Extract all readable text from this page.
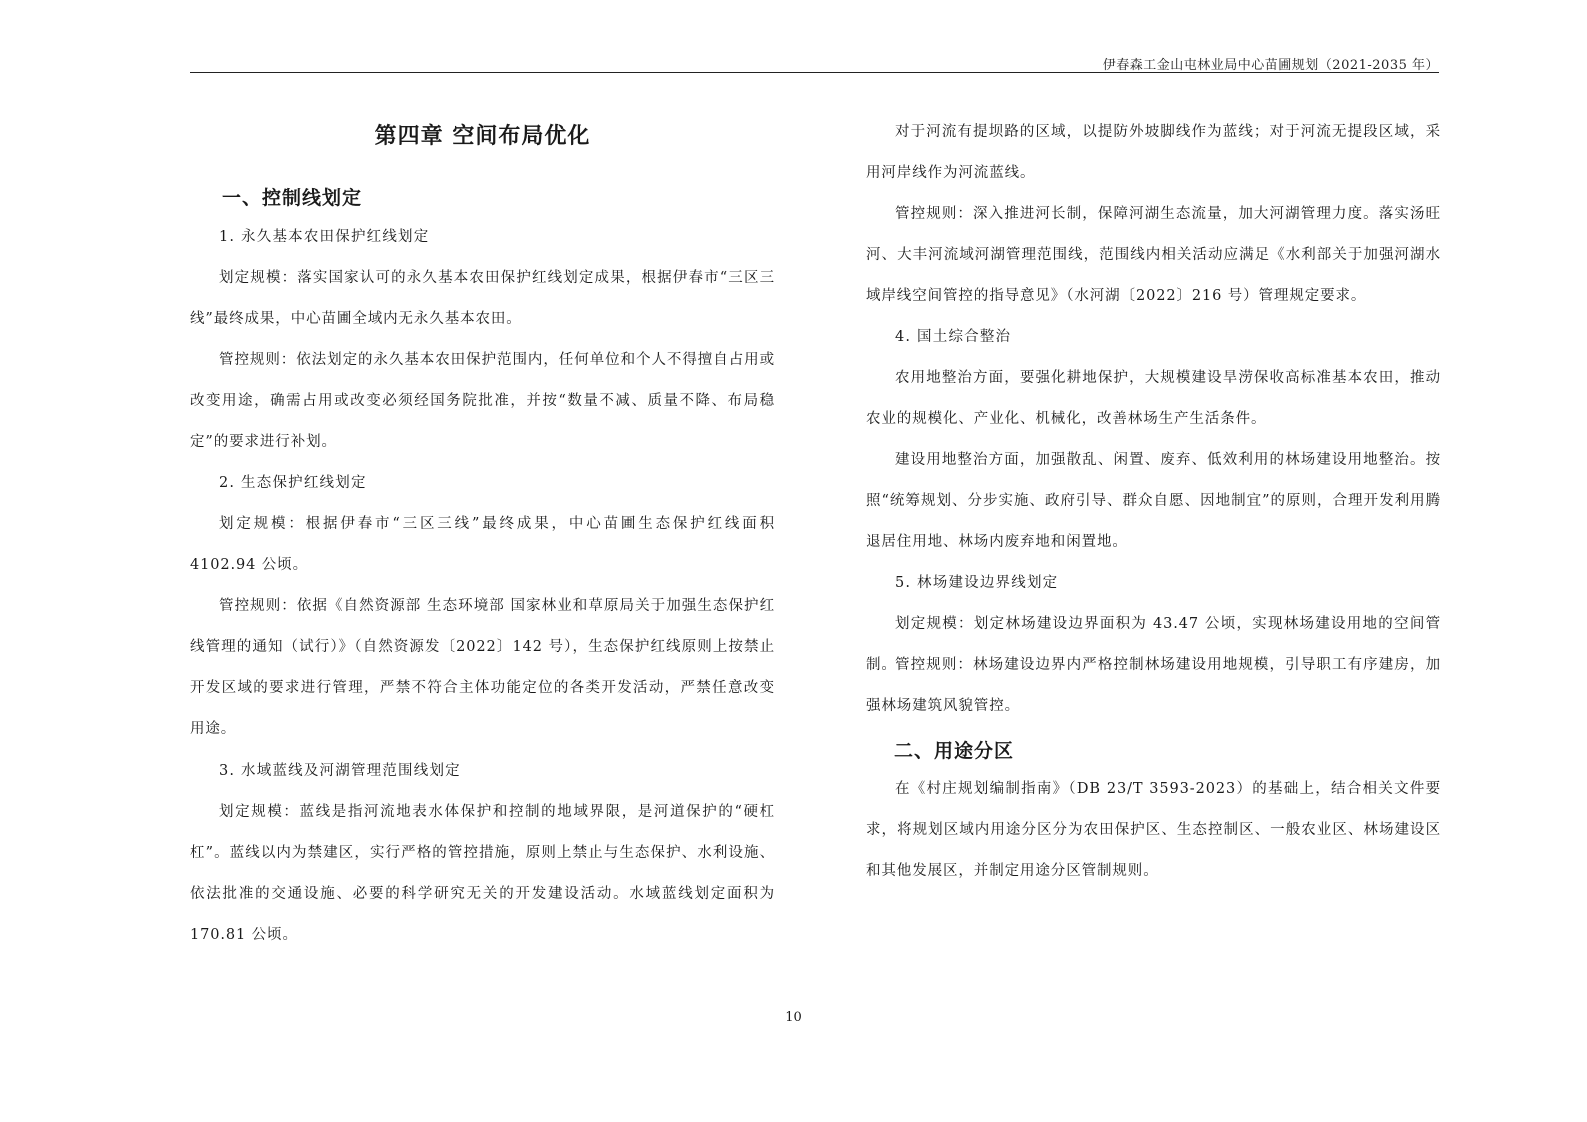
伊春森工金山屯林业局中心苗圃规划（2021-2035 年）
第四章 空间布局优化
一、控制线划定
1. 永久基本农田保护红线划定
划定规模：落实国家认可的永久基本农田保护红线划定成果，根据伊春市“三区三线”最终成果，中心苗圃全域内无永久基本农田。
管控规则：依法划定的永久基本农田保护范围内，任何单位和个人不得擅自占用或改变用途，确需占用或改变必须经国务院批准，并按“数量不减、质量不降、布局稳定”的要求进行补划。
2. 生态保护红线划定
划定规模：根据伊春市“三区三线”最终成果，中心苗圃生态保护红线面积4102.94 公顷。
管控规则：依据《自然资源部 生态环境部 国家林业和草原局关于加强生态保护红线管理的通知（试行）》（自然资源发〔2022〕142 号），生态保护红线原则上按禁止开发区域的要求进行管理，严禁不符合主体功能定位的各类开发活动，严禁任意改变用途。
3. 水域蓝线及河湖管理范围线划定
划定规模：蓝线是指河流地表水体保护和控制的地域界限，是河道保护的“硬杠杠”。蓝线以内为禁建区，实行严格的管控措施，原则上禁止与生态保护、水利设施、依法批准的交通设施、必要的科学研究无关的开发建设活动。水域蓝线划定面积为170.81 公顷。
对于河流有提坝路的区域，以提防外坡脚线作为蓝线；对于河流无提段区域，采用河岸线作为河流蓝线。
管控规则：深入推进河长制，保障河湖生态流量，加大河湖管理力度。落实汤旺河、大丰河流域河湖管理范围线，范围线内相关活动应满足《水利部关于加强河湖水域岸线空间管控的指导意见》（水河湖〔2022〕216 号）管理规定要求。
4. 国土综合整治
农用地整治方面，要强化耕地保护，大规模建设旱涝保收高标准基本农田，推动农业的规模化、产业化、机械化，改善林场生产生活条件。
建设用地整治方面，加强散乱、闲置、废弃、低效利用的林场建设用地整治。按照“统筹规划、分步实施、政府引导、群众自愿、因地制宜”的原则，合理开发利用腾退居住用地、林场内废弃地和闲置地。
5. 林场建设边界线划定
划定规模：划定林场建设边界面积为 43.47 公顷，实现林场建设用地的空间管制。
管控规则：林场建设边界内严格控制林场建设用地规模，引导职工有序建房，加强林场建筑风貌管控。
二、用途分区
在《村庄规划编制指南》（DB 23/T 3593-2023）的基础上，结合相关文件要求，将规划区域内用途分区分为农田保护区、生态控制区、一般农业区、林场建设区和其他发展区，并制定用途分区管制规则。
10
